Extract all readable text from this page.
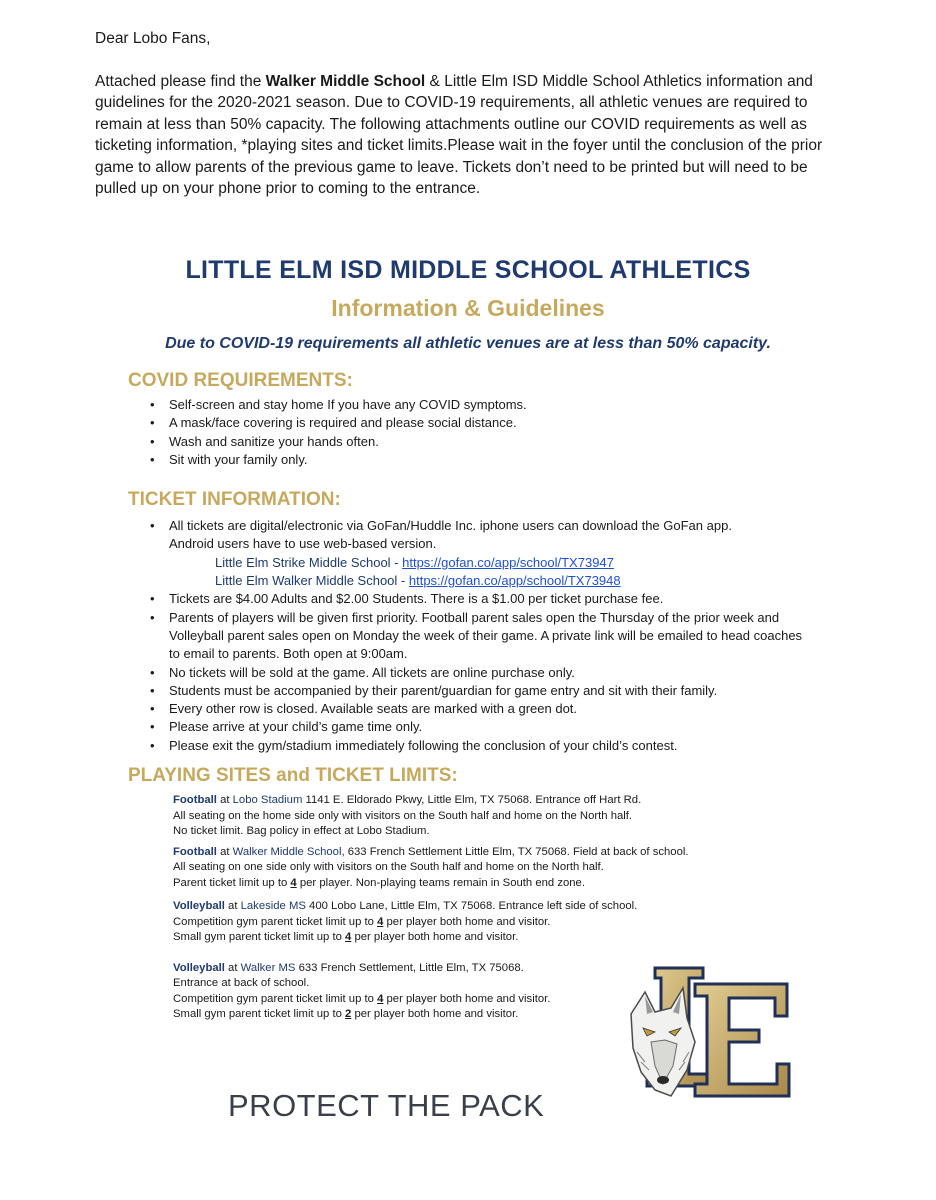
Dear Lobo Fans,

Attached please find the Walker Middle School & Little Elm ISD Middle School Athletics information and guidelines for the 2020-2021 season. Due to COVID-19 requirements, all athletic venues are required to remain at less than 50% capacity. The following attachments outline our COVID requirements as well as ticketing information, *playing sites and ticket limits.Please wait in the foyer until the conclusion of the prior game to allow parents of the previous game to leave. Tickets don’t need to be printed but will need to be pulled up on your phone prior to coming to the entrance.

LITTLE ELM ISD MIDDLE SCHOOL ATHLETICS
Information & Guidelines
Due to COVID-19 requirements all athletic venues are at less than 50% capacity.
COVID REQUIREMENTS:
• Self-screen and stay home If you have any COVID symptoms.
• A mask/face covering is required and please social distance.
• Wash and sanitize your hands often.
• Sit with your family only.
TICKET INFORMATION:
• All tickets are digital/electronic via GoFan/Huddle Inc. iphone users can download the GoFan app.
Android users have to use web-based version.
Little Elm Strike Middle School - https://gofan.co/app/school/TX73947
Little Elm Walker Middle School - https://gofan.co/app/school/TX73948
• Tickets are $4.00 Adults and $2.00 Students. There is a $1.00 per ticket purchase fee.
• Parents of players will be given first priority. Football parent sales open the Thursday of the prior week and Volleyball parent sales open on Monday the week of their game. A private link will be emailed to head coaches to email to parents. Both open at 9:00am.
• No tickets will be sold at the game. All tickets are online purchase only.
• Students must be accompanied by their parent/guardian for game entry and sit with their family.
• Every other row is closed. Available seats are marked with a green dot.
• Please arrive at your child’s game time only.
• Please exit the gym/stadium immediately following the conclusion of your child’s contest.
PLAYING SITES and TICKET LIMITS:
Football at Lobo Stadium 1141 E. Eldorado Pkwy, Little Elm, TX 75068. Entrance off Hart Rd.
All seating on the home side only with visitors on the South half and home on the North half.
No ticket limit. Bag policy in effect at Lobo Stadium.
Football at Walker Middle School, 633 French Settlement Little Elm, TX 75068. Field at back of school.
All seating on one side only with visitors on the South half and home on the North half.
Parent ticket limit up to 4 per player. Non-playing teams remain in South end zone.
Volleyball at Lakeside MS 400 Lobo Lane, Little Elm, TX 75068. Entrance left side of school.
Competition gym parent ticket limit up to 4 per player both home and visitor.
Small gym parent ticket limit up to 4 per player both home and visitor.
Volleyball at Walker MS 633 French Settlement, Little Elm, TX 75068.
Entrance at back of school.
Competition gym parent ticket limit up to 4 per player both home and visitor.
Small gym parent ticket limit up to 2 per player both home and visitor.
PROTECT THE PACK
